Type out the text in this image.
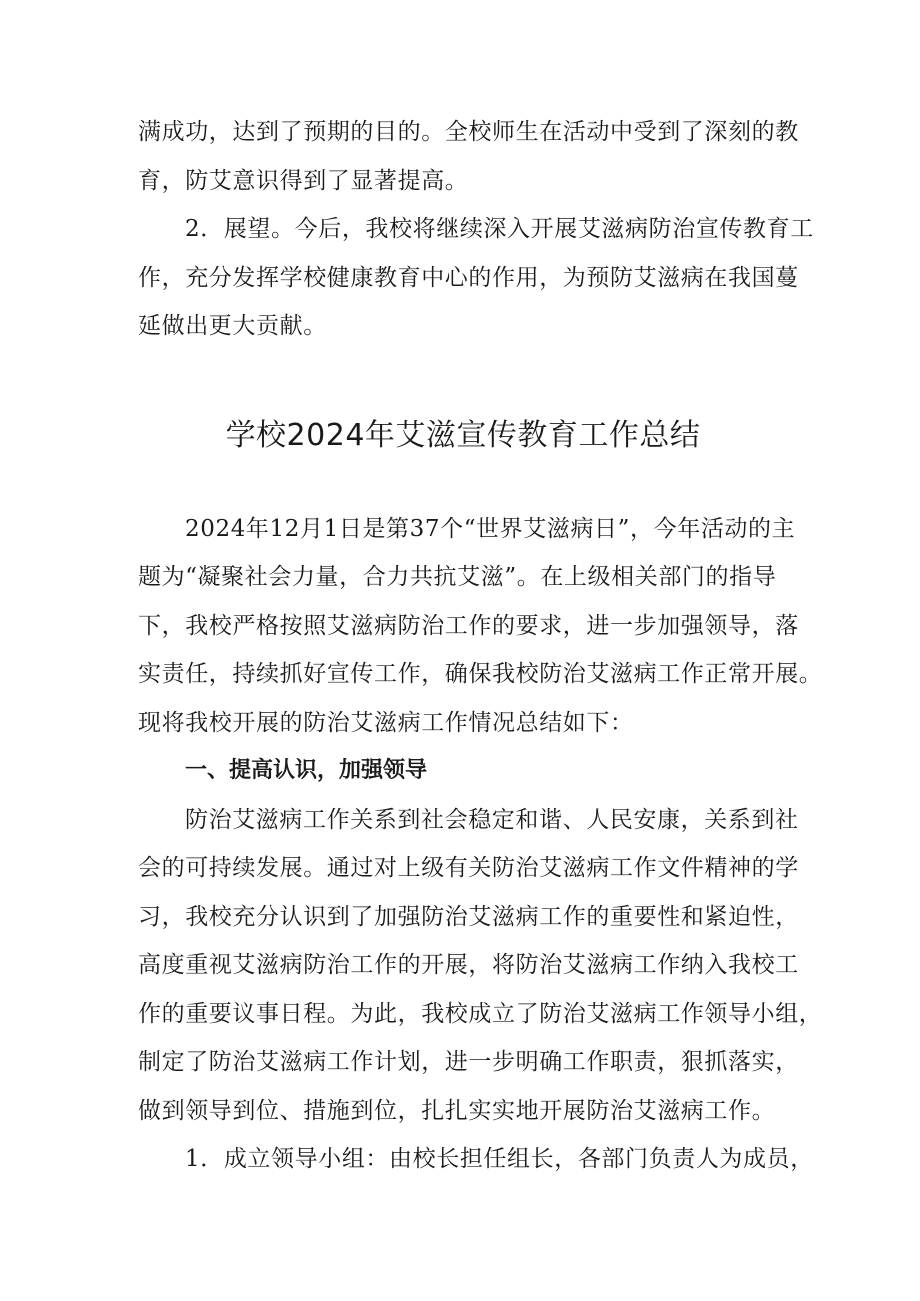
满成功，达到了预期的目的。全校师生在活动中受到了深刻的教
育，防艾意识得到了显著提高。
2．展望。今后，我校将继续深入开展艾滋病防治宣传教育工
作，充分发挥学校健康教育中心的作用，为预防艾滋病在我国蔓
延做出更大贡献。
学校2024年艾滋宣传教育工作总结
2024年12月1日是第37个“世界艾滋病日”，今年活动的主
题为“凝聚社会力量，合力共抗艾滋”。在上级相关部门的指导
下，我校严格按照艾滋病防治工作的要求，进一步加强领导，落
实责任，持续抓好宣传工作，确保我校防治艾滋病工作正常开展。
现将我校开展的防治艾滋病工作情况总结如下：
一、提高认识，加强领导
防治艾滋病工作关系到社会稳定和谐、人民安康，关系到社
会的可持续发展。通过对上级有关防治艾滋病工作文件精神的学
习，我校充分认识到了加强防治艾滋病工作的重要性和紧迫性，
高度重视艾滋病防治工作的开展，将防治艾滋病工作纳入我校工
作的重要议事日程。为此，我校成立了防治艾滋病工作领导小组，
制定了防治艾滋病工作计划，进一步明确工作职责，狠抓落实，
做到领导到位、措施到位，扎扎实实地开展防治艾滋病工作。
1．成立领导小组：由校长担任组长，各部门负责人为成员，
